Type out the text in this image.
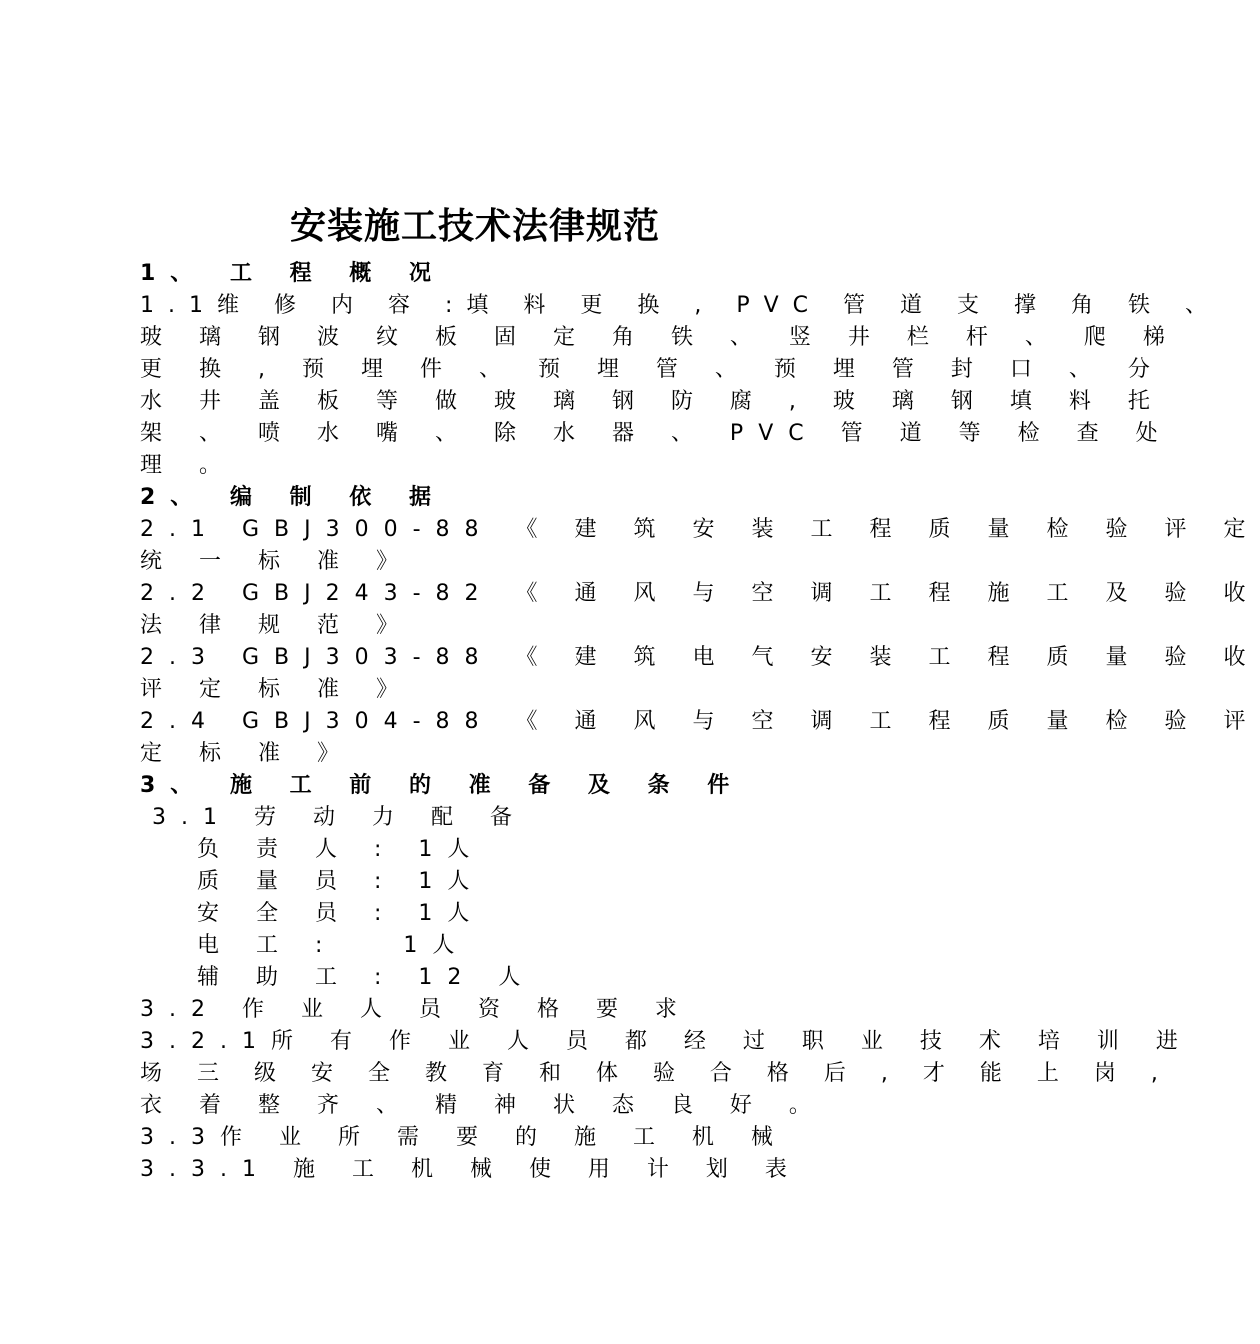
安装施工技术法律规范
1、 工 程 概 况
1.1维 修 内 容 :填 料 更 换 , PVC 管 道 支 撑 角 铁 、
玻 璃 钢 波 纹 板 固 定 角 铁 、 竖 井 栏 杆 、 爬 梯
更 换 , 预 埋 件 、 预 埋 管 、 预 埋 管 封 口 、 分
水 井 盖 板 等 做 玻 璃 钢 防 腐 , 玻 璃 钢 填 料 托
架 、 喷 水 嘴 、 除 水 器 、 PVC 管 道 等 检 查 处
理 。
2、 编 制 依 据
2.1 GBJ300-88 《 建 筑 安 装 工 程 质 量 检 验 评 定
统 一 标 准 》
2.2 GBJ243-82 《 通 风 与 空 调 工 程 施 工 及 验 收
法 律 规 范 》
2.3 GBJ303-88 《 建 筑 电 气 安 装 工 程 质 量 验 收
评 定 标 准 》
2.4 GBJ304-88 《 通 风 与 空 调 工 程 质 量 检 验 评
定 标 准 》
3、 施 工 前 的 准 备 及 条 件
3.1 劳 动 力 配 备
负 责 人 : 1人
质 量 员 : 1人
安 全 员 : 1人
电 工 :   1人
辅 助 工 : 12 人
3.2 作 业 人 员 资 格 要 求
3.2.1所 有 作 业 人 员 都 经 过 职 业 技 术 培 训 进
场 三 级 安 全 教 育 和 体 验 合 格 后 , 才 能 上 岗 ,
衣 着 整 齐 、 精 神 状 态 良 好 。
3.3作 业 所 需 要 的 施 工 机 械
3.3.1 施 工 机 械 使 用 计 划 表
